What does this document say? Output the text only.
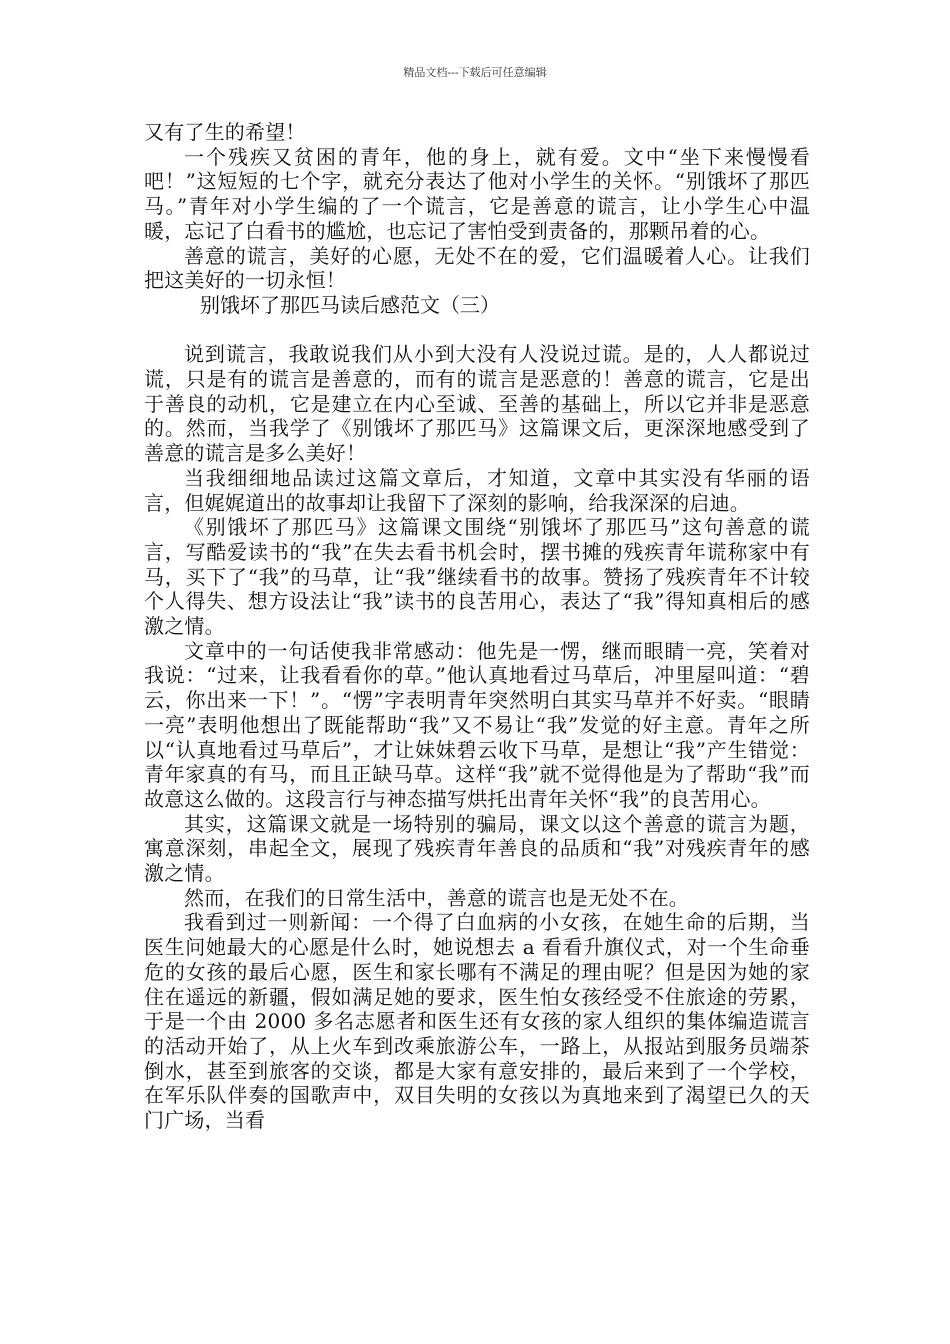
精品文档---下载后可任意编辑

又有了生的希望！

一个残疾又贫困的青年，他的身上，就有爱。文中“坐下来慢慢看吧！”这短短的七个字，就充分表达了他对小学生的关怀。“别饿坏了那匹马。”青年对小学生编的了一个谎言，它是善意的谎言，让小学生心中温暖，忘记了白看书的尴尬，也忘记了害怕受到责备的，那颗吊着的心。

善意的谎言，美好的心愿，无处不在的爱，它们温暖着人心。让我们把这美好的一切永恒！

别饿坏了那匹马读后感范文（三）

说到谎言，我敢说我们从小到大没有人没说过谎。是的，人人都说过谎，只是有的谎言是善意的，而有的谎言是恶意的！善意的谎言，它是出于善良的动机，它是建立在内心至诚、至善的基础上，所以它并非是恶意的。然而，当我学了《别饿坏了那匹马》这篇课文后，更深深地感受到了善意的谎言是多么美好！

当我细细地品读过这篇文章后，才知道，文章中其实没有华丽的语言，但娓娓道出的故事却让我留下了深刻的影响，给我深深的启迪。

《别饿坏了那匹马》这篇课文围绕“别饿坏了那匹马”这句善意的谎言，写酷爱读书的“我”在失去看书机会时，摆书摊的残疾青年谎称家中有马，买下了“我”的马草，让“我”继续看书的故事。赞扬了残疾青年不计较个人得失、想方设法让“我”读书的良苦用心，表达了“我”得知真相后的感激之情。

文章中的一句话使我非常感动：他先是一愣，继而眼睛一亮，笑着对我说：“过来，让我看看你的草。”他认真地看过马草后，冲里屋叫道：“碧云，你出来一下！”。“愣”字表明青年突然明白其实马草并不好卖。“眼睛一亮”表明他想出了既能帮助“我”又不易让“我”发觉的好主意。青年之所以“认真地看过马草后”，才让妹妹碧云收下马草，是想让“我”产生错觉：青年家真的有马，而且正缺马草。这样“我”就不觉得他是为了帮助“我”而故意这么做的。这段言行与神态描写烘托出青年关怀“我”的良苦用心。

其实，这篇课文就是一场特别的骗局，课文以这个善意的谎言为题，寓意深刻，串起全文，展现了残疾青年善良的品质和“我”对残疾青年的感激之情。

然而，在我们的日常生活中，善意的谎言也是无处不在。

我看到过一则新闻：一个得了白血病的小女孩，在她生命的后期，当医生问她最大的心愿是什么时，她说想去 a 看看升旗仪式，对一个生命垂危的女孩的最后心愿，医生和家长哪有不满足的理由呢？但是因为她的家住在遥远的新疆，假如满足她的要求，医生怕女孩经受不住旅途的劳累，于是一个由 2000 多名志愿者和医生还有女孩的家人组织的集体编造谎言的活动开始了，从上火车到改乘旅游公车，一路上，从报站到服务员端茶倒水，甚至到旅客的交谈，都是大家有意安排的，最后来到了一个学校，在军乐队伴奏的国歌声中，双目失明的女孩以为真地来到了渴望已久的天门广场，当看
